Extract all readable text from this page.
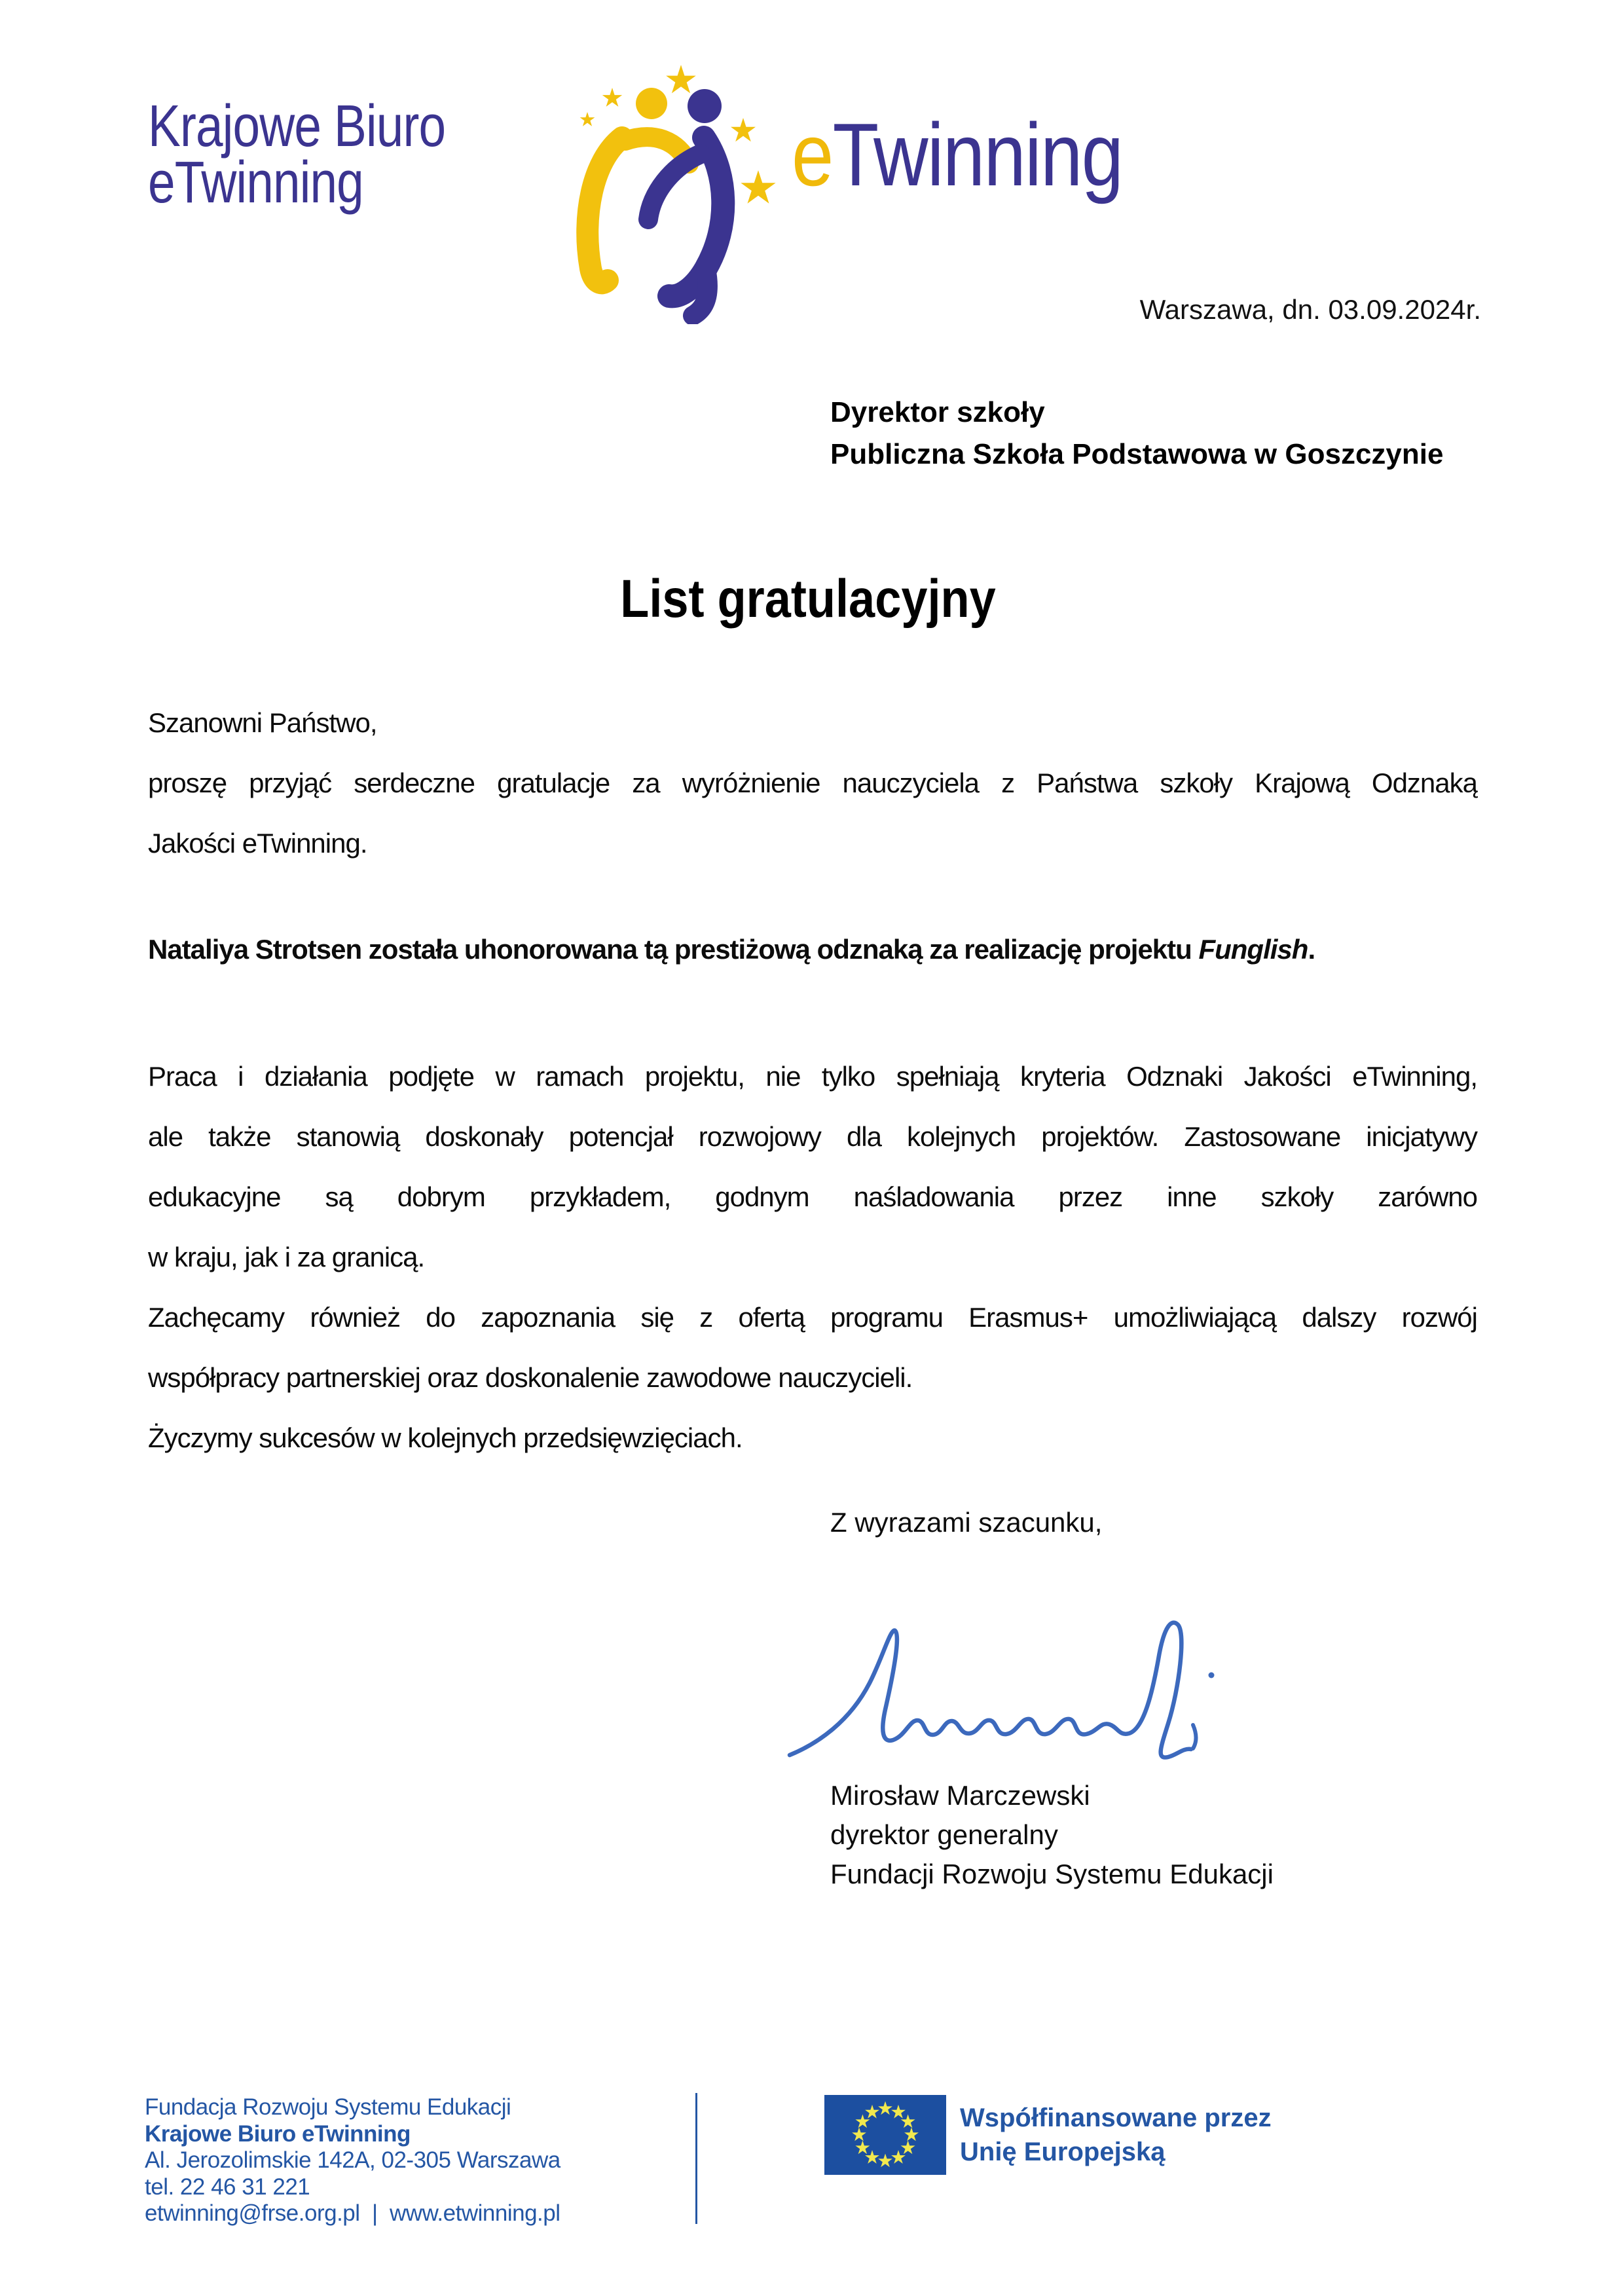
Krajowe Biuro
eTwinning	eTwinning
Warszawa, dn. 03.09.2024r.
Dyrektor szkoły
Publiczna Szkoła Podstawowa w Goszczynie
List gratulacyjny
Szanowni Państwo,
proszę przyjąć serdeczne gratulacje za wyróżnienie nauczyciela z Państwa szkoły Krajową Odznaką
Jakości eTwinning.
Nataliya Strotsen została uhonorowana tą prestiżową odznaką za realizację projektu Funglish.
Praca i działania podjęte w ramach projektu, nie tylko spełniają kryteria Odznaki Jakości eTwinning,
ale także stanowią doskonały potencjał rozwojowy dla kolejnych projektów. Zastosowane inicjatywy
edukacyjne są dobrym przykładem, godnym naśladowania przez inne szkoły zarówno
w kraju, jak i za granicą.
Zachęcamy również do zapoznania się z ofertą programu Erasmus+ umożliwiającą dalszy rozwój
współpracy partnerskiej oraz doskonalenie zawodowe nauczycieli.
Życzymy sukcesów w kolejnych przedsięwzięciach.
Z wyrazami szacunku,
Mirosław Marczewski
dyrektor generalny
Fundacji Rozwoju Systemu Edukacji
Fundacja Rozwoju Systemu Edukacji
Krajowe Biuro eTwinning
Al. Jerozolimskie 142A, 02-305 Warszawa
tel. 22 46 31 221
etwinning@frse.org.pl | www.etwinning.pl
Współfinansowane przez
Unię Europejską
